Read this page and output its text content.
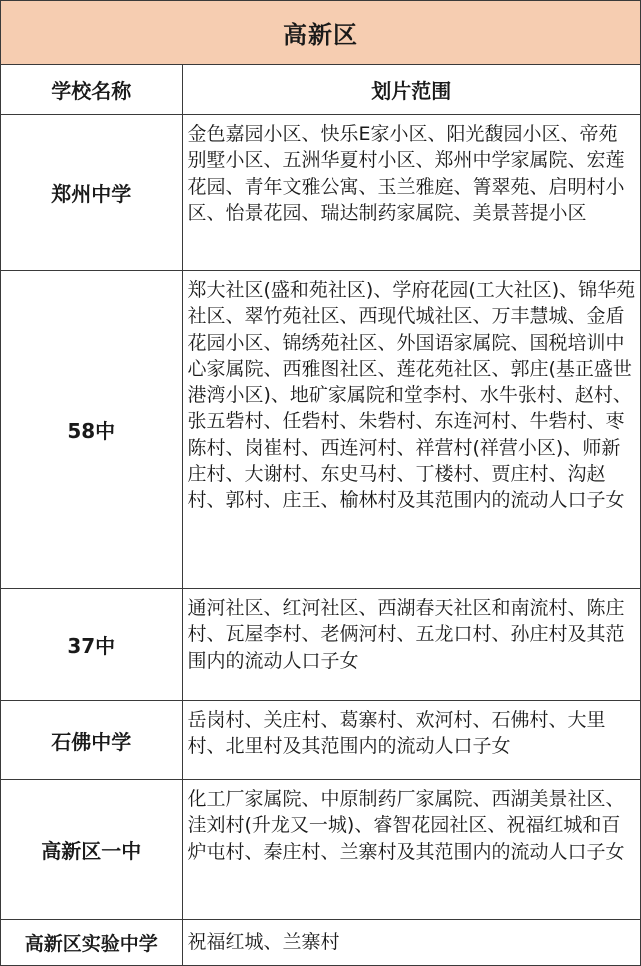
高新区
学校名称	划片范围
郑州中学	金色嘉园小区、快乐E家小区、阳光馥园小区、帝苑别墅小区、五洲华夏村小区、郑州中学家属院、宏莲花园、青年文雅公寓、玉兰雅庭、箐翠苑、启明村小区、怡景花园、瑞达制药家属院、美景菩提小区
58中	郑大社区(盛和苑社区)、学府花园(工大社区)、锦华苑社区、翠竹苑社区、西现代城社区、万丰慧城、金盾花园小区、锦绣苑社区、外国语家属院、国税培训中心家属院、西雅图社区、莲花苑社区、郭庄(基正盛世港湾小区)、地矿家属院和堂李村、水牛张村、赵村、张五砦村、任砦村、朱砦村、东连河村、牛砦村、枣陈村、岗崔村、西连河村、祥营村(祥营小区)、师新庄村、大谢村、东史马村、丁楼村、贾庄村、沟赵村、郭村、庄王、榆林村及其范围内的流动人口子女
37中	通河社区、红河社区、西湖春天社区和南流村、陈庄村、瓦屋李村、老俩河村、五龙口村、孙庄村及其范围内的流动人口子女
石佛中学	岳岗村、关庄村、葛寨村、欢河村、石佛村、大里村、北里村及其范围内的流动人口子女
高新区一中	化工厂家属院、中原制药厂家属院、西湖美景社区、洼刘村(升龙又一城)、睿智花园社区、祝福红城和百炉屯村、秦庄村、兰寨村及其范围内的流动人口子女
高新区实验中学	祝福红城、兰寨村
